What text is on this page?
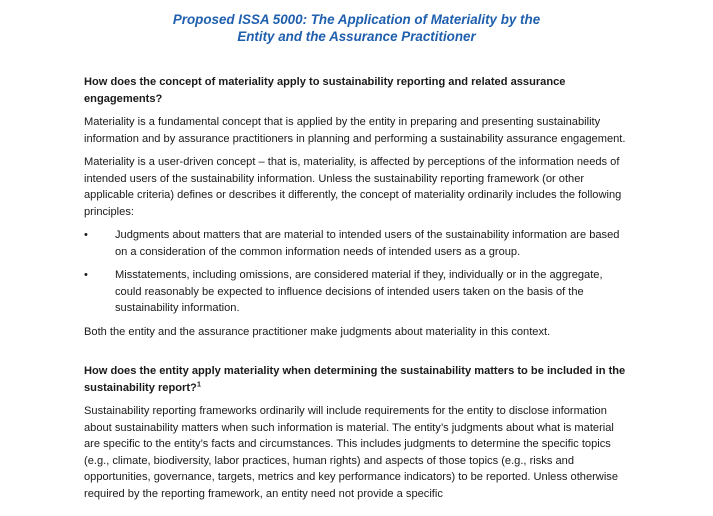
Proposed ISSA 5000: The Application of Materiality by the
Entity and the Assurance Practitioner
How does the concept of materiality apply to sustainability reporting and related assurance engagements?
Materiality is a fundamental concept that is applied by the entity in preparing and presenting sustainability information and by assurance practitioners in planning and performing a sustainability assurance engagement.
Materiality is a user-driven concept – that is, materiality, is affected by perceptions of the information needs of intended users of the sustainability information. Unless the sustainability reporting framework (or other applicable criteria) defines or describes it differently, the concept of materiality ordinarily includes the following principles:
• Judgments about matters that are material to intended users of the sustainability information are based on a consideration of the common information needs of intended users as a group.
• Misstatements, including omissions, are considered material if they, individually or in the aggregate, could reasonably be expected to influence decisions of intended users taken on the basis of the sustainability information.
Both the entity and the assurance practitioner make judgments about materiality in this context.
How does the entity apply materiality when determining the sustainability matters to be included in the sustainability report?$^1$
Sustainability reporting frameworks ordinarily will include requirements for the entity to disclose information about sustainability matters when such information is material. The entity’s judgments about what is material are specific to the entity’s facts and circumstances. This includes judgments to determine the specific topics (e.g., climate, biodiversity, labor practices, human rights) and aspects of those topics (e.g., risks and opportunities, governance, targets, metrics and key performance indicators) to be reported. Unless otherwise required by the reporting framework, an entity need not provide a specific
